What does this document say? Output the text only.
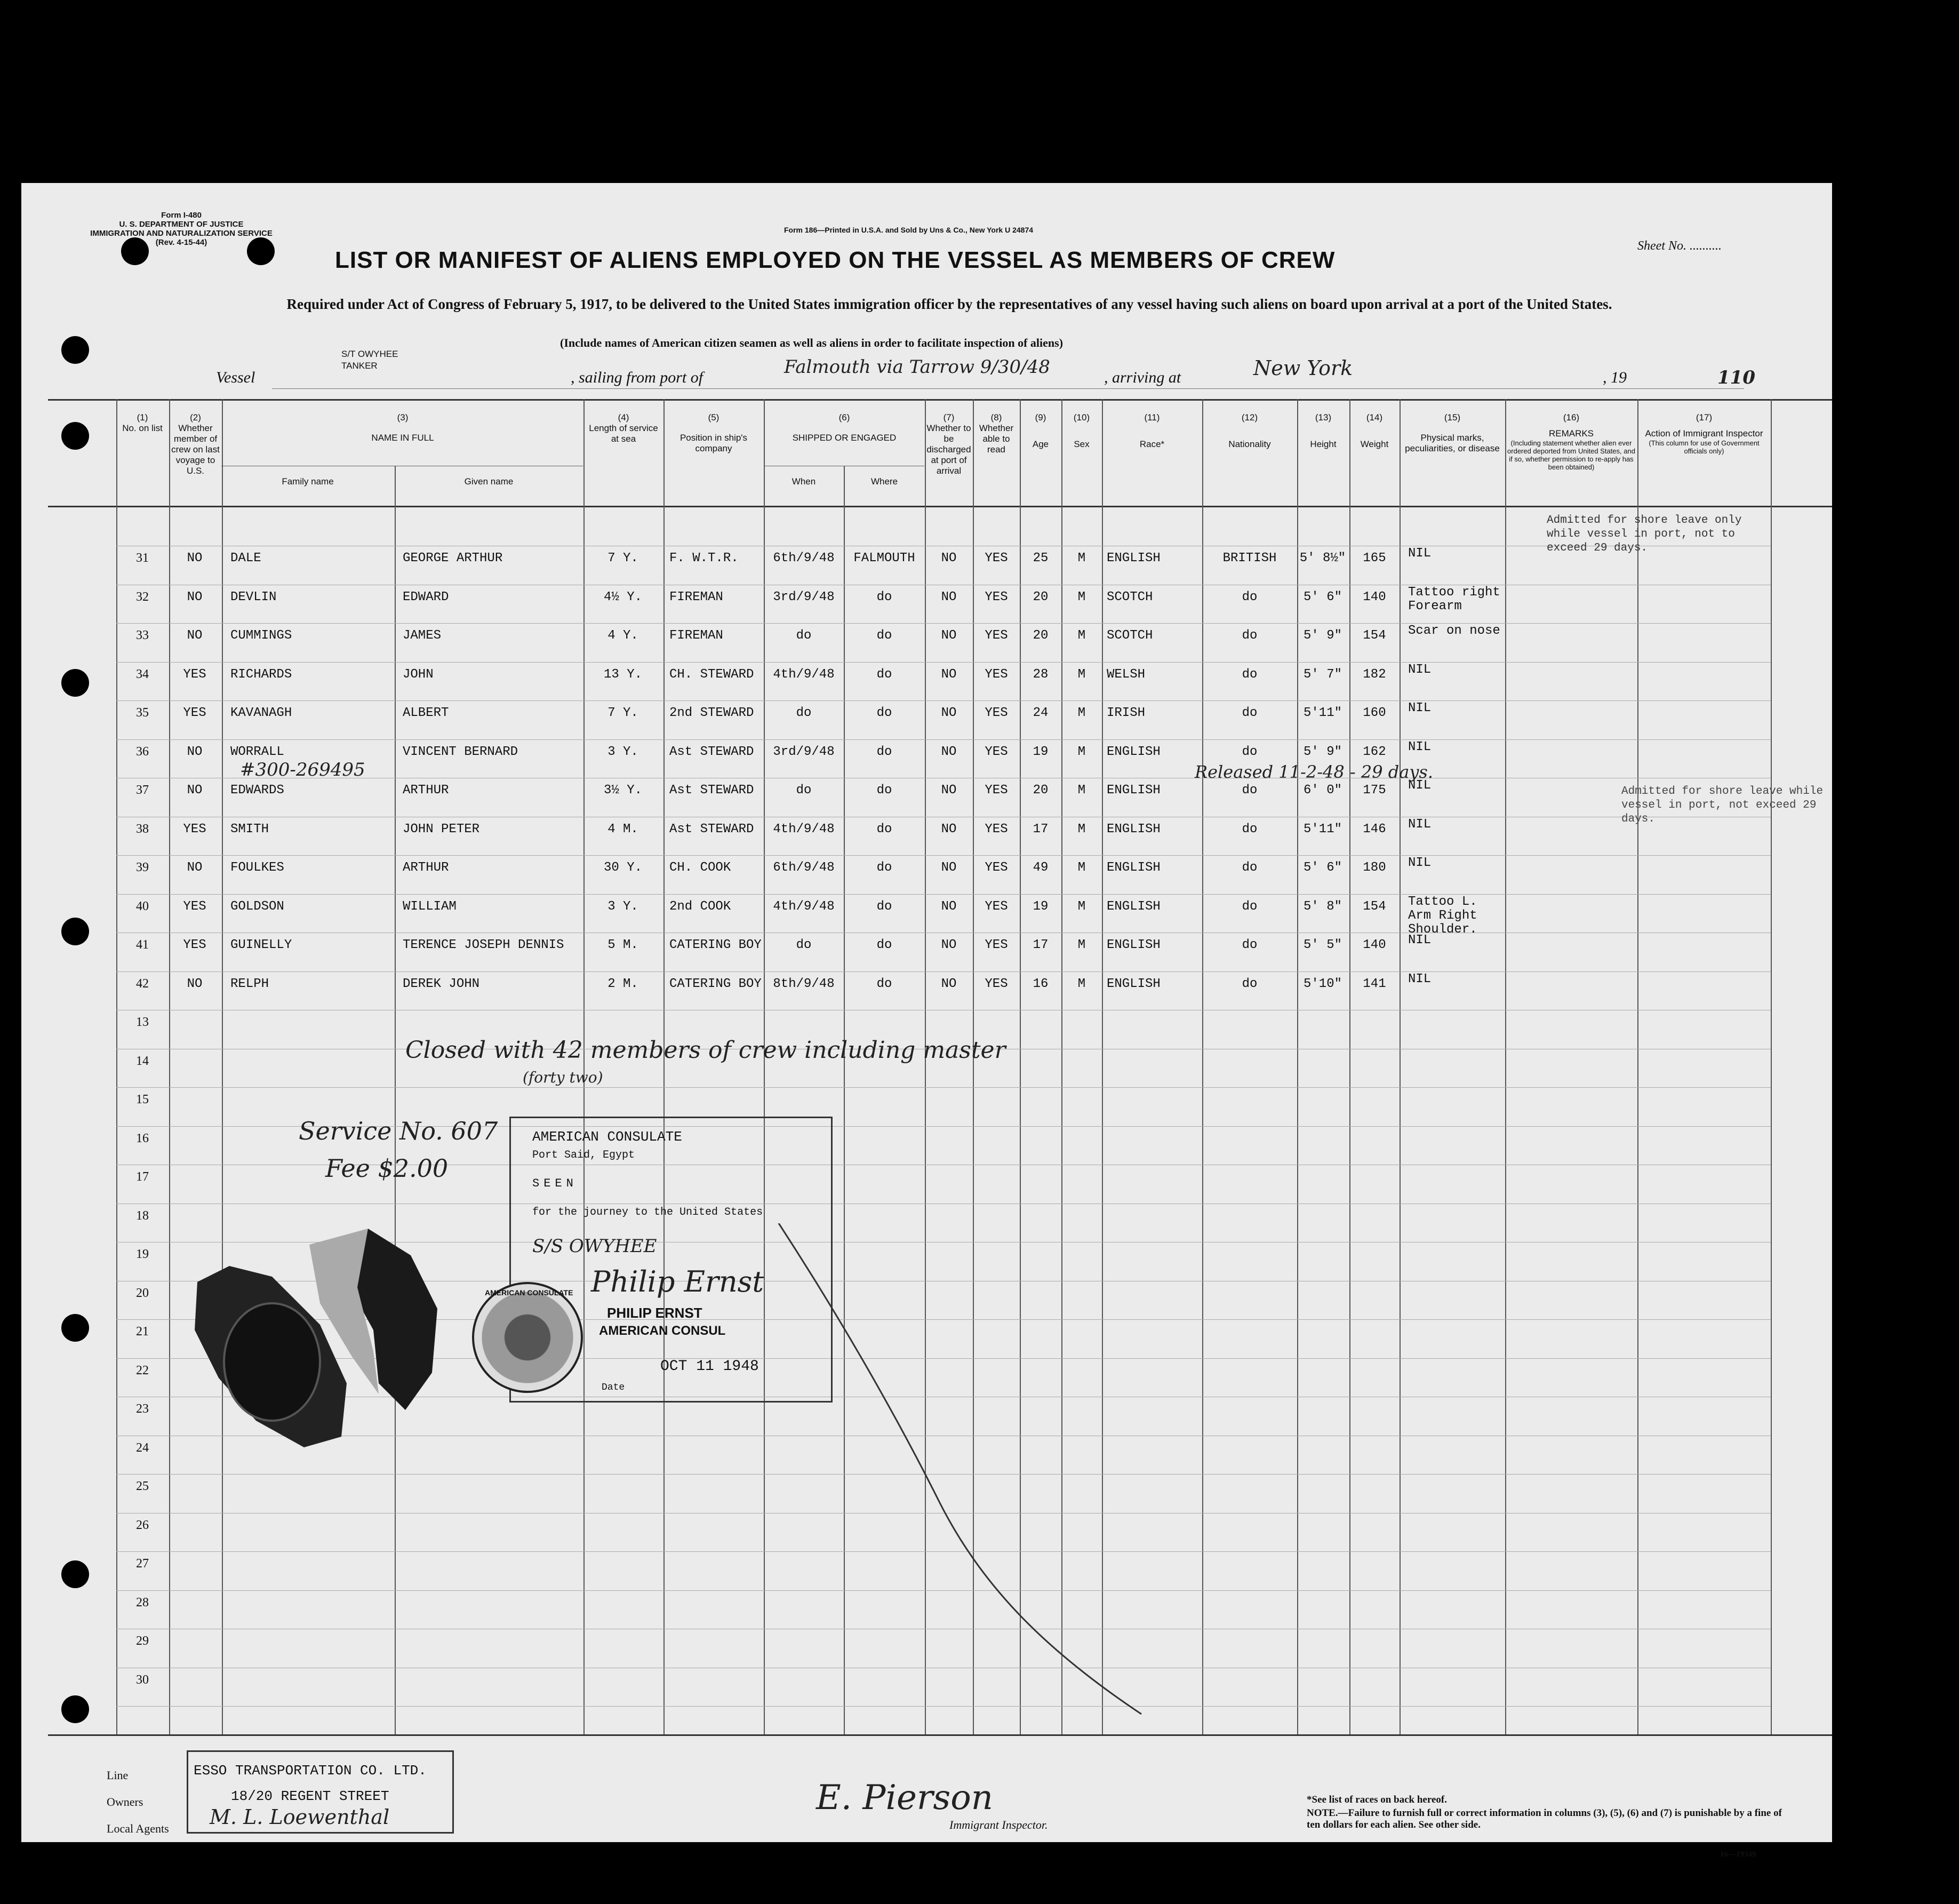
Form I-480
U. S. DEPARTMENT OF JUSTICE
IMMIGRATION AND NATURALIZATION SERVICE
(Rev. 4-15-44)
Form 186—Printed in U.S.A. and Sold by Uns & Co., New York U 24874
Sheet No. ..........
LIST OR MANIFEST OF ALIENS EMPLOYED ON THE VESSEL AS MEMBERS OF CREW
Required under Act of Congress of February 5, 1917, to be delivered to the United States immigration officer by the representatives of any vessel having such aliens on board upon arrival at a port of the United States.
(Include names of American citizen seamen as well as aliens in order to facilitate inspection of aliens)
Vessel
S/T OWYHEE
TANKER
, sailing from port of	Falmouth via Tarrow 9/30/48	, arriving at	New York	, 19	110
(1)
No. on list
(2)
Whether member of crew on last voyage to U.S.
(3)
NAME IN FULL
Family name	Given name
(4)
Length of service at sea
(5)
Position in ship's company
(6)
SHIPPED OR ENGAGED
When	Where
(7)
Whether to be discharged at port of arrival
(8)
Whether able to read
(9)
Age
(10)
Sex
(11)
Race*
(12)
Nationality
(13)
Height
(14)
Weight
(15)
Physical marks, peculiarities, or disease
(16)
REMARKS
(Including statement whether alien ever ordered deported from United States, and if so, whether permission to re-apply has been obtained)
(17)
Action of Immigrant Inspector
(This column for use of Government officials only)
31	NO	DALE	GEORGE ARTHUR	7 Y.	F. W.T.R.	6th/9/48	FALMOUTH	NO	YES	25	M	ENGLISH	BRITISH	5' 8½"	165	NIL
32	NO	DEVLIN	EDWARD	4½ Y.	FIREMAN	3rd/9/48	do	NO	YES	20	M	SCOTCH	do	5' 6"	140	Tattoo right Forearm
33	NO	CUMMINGS	JAMES	4 Y.	FIREMAN	do	do	NO	YES	20	M	SCOTCH	do	5' 9"	154	Scar on nose
34	YES	RICHARDS	JOHN	13 Y.	CH. STEWARD	4th/9/48	do	NO	YES	28	M	WELSH	do	5' 7"	182	NIL
35	YES	KAVANAGH	ALBERT	7 Y.	2nd STEWARD	do	do	NO	YES	24	M	IRISH	do	5'11"	160	NIL
36	NO	WORRALL	VINCENT BERNARD	3 Y.	Ast STEWARD	3rd/9/48	do	NO	YES	19	M	ENGLISH	do	5' 9"	162	NIL
37	NO	EDWARDS	ARTHUR	3½ Y.	Ast STEWARD	do	do	NO	YES	20	M	ENGLISH	do	6' 0"	175	NIL
38	YES	SMITH	JOHN PETER	4 M.	Ast STEWARD	4th/9/48	do	NO	YES	17	M	ENGLISH	do	5'11"	146	NIL
39	NO	FOULKES	ARTHUR	30 Y.	CH. COOK	6th/9/48	do	NO	YES	49	M	ENGLISH	do	5' 6"	180	NIL
40	YES	GOLDSON	WILLIAM	3 Y.	2nd COOK	4th/9/48	do	NO	YES	19	M	ENGLISH	do	5' 8"	154	Tattoo L. Arm Right Shoulder.
41	YES	GUINELLY	TERENCE JOSEPH DENNIS	5 M.	CATERING BOY	do	do	NO	YES	17	M	ENGLISH	do	5' 5"	140	NIL
42	NO	RELPH	DEREK JOHN	2 M.	CATERING BOY 8th/9/48	do	NO	YES	16	M	ENGLISH	do	5'10"	141	NIL
13
14
15
16
17
18
19
20
21
22
23
24
25
26
27
28
29
30
#300-269495	Released 11-2-48 - 29 days.
Admitted for shore leave only while vessel in port, not to exceed 29 days.
Admitted for shore leave while vessel in port, not exceed 29 days.
Closed with 42 members of crew including master
(forty two)
Service No. 607
Fee $2.00
AMERICAN CONSULATE
Port Said, Egypt
SEEN
for the journey to the United States
S/S OWYHEE
Philip Ernst
PHILIP ERNST
AMERICAN CONSUL
OCT 11 1948
Date
AMERICAN CONSULATE
Line
Owners
Local Agents
ESSO TRANSPORTATION CO. LTD.
18/20 REGENT STREET
M. L. Loewenthal	E. Pierson
Immigrant Inspector.
*See list of races on back hereof.
NOTE.—Failure to furnish full or correct information in columns (3), (5), (6) and (7) is punishable by a fine of ten dollars for each alien. See other side.
16—19349
